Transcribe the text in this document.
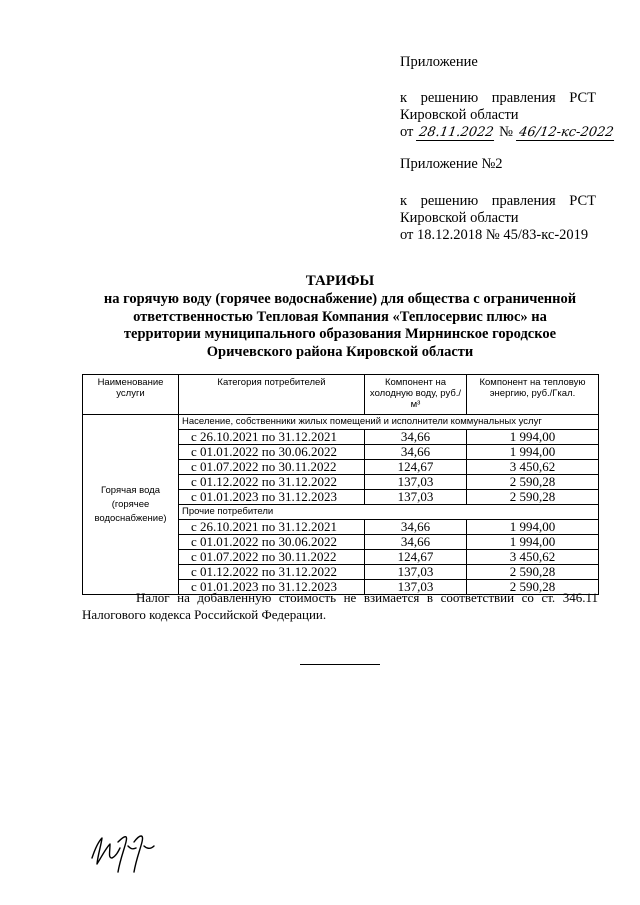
Приложение
к решению правления РСТ
Кировской области
от 28.11.2022 № 46/12-кс-2022
Приложение №2
к решению правления РСТ
Кировской области
от 18.12.2018 № 45/83-кс-2019
ТАРИФЫ
на горячую воду (горячее водоснабжение) для общества с ограниченной
ответственностью Тепловая Компания «Теплосервис плюс» на
территории муниципального образования Мирнинское городское
Оричевского района Кировской области
Наименование услуги	Категория потребителей	Компонент на холодную воду, руб./м³	Компонент на тепловую энергию, руб./Гкал.
Горячая вода (горячее водоснабжение)	Население, собственники жилых помещений и исполнители коммунальных услуг		
	с 26.10.2021 по 31.12.2021	34,66	1 994,00
	с 01.01.2022 по 30.06.2022	34,66	1 994,00
	с 01.07.2022 по 30.11.2022	124,67	3 450,62
	с 01.12.2022 по 31.12.2022	137,03	2 590,28
	с 01.01.2023 по 31.12.2023	137,03	2 590,28
	Прочие потребители		
	с 26.10.2021 по 31.12.2021	34,66	1 994,00
	с 01.01.2022 по 30.06.2022	34,66	1 994,00
	с 01.07.2022 по 30.11.2022	124,67	3 450,62
	с 01.12.2022 по 31.12.2022	137,03	2 590,28
	с 01.01.2023 по 31.12.2023	137,03	2 590,28
Налог на добавленную стоимость не взимается в соответствии со ст. 346.11 Налогового кодекса Российской Федерации.
